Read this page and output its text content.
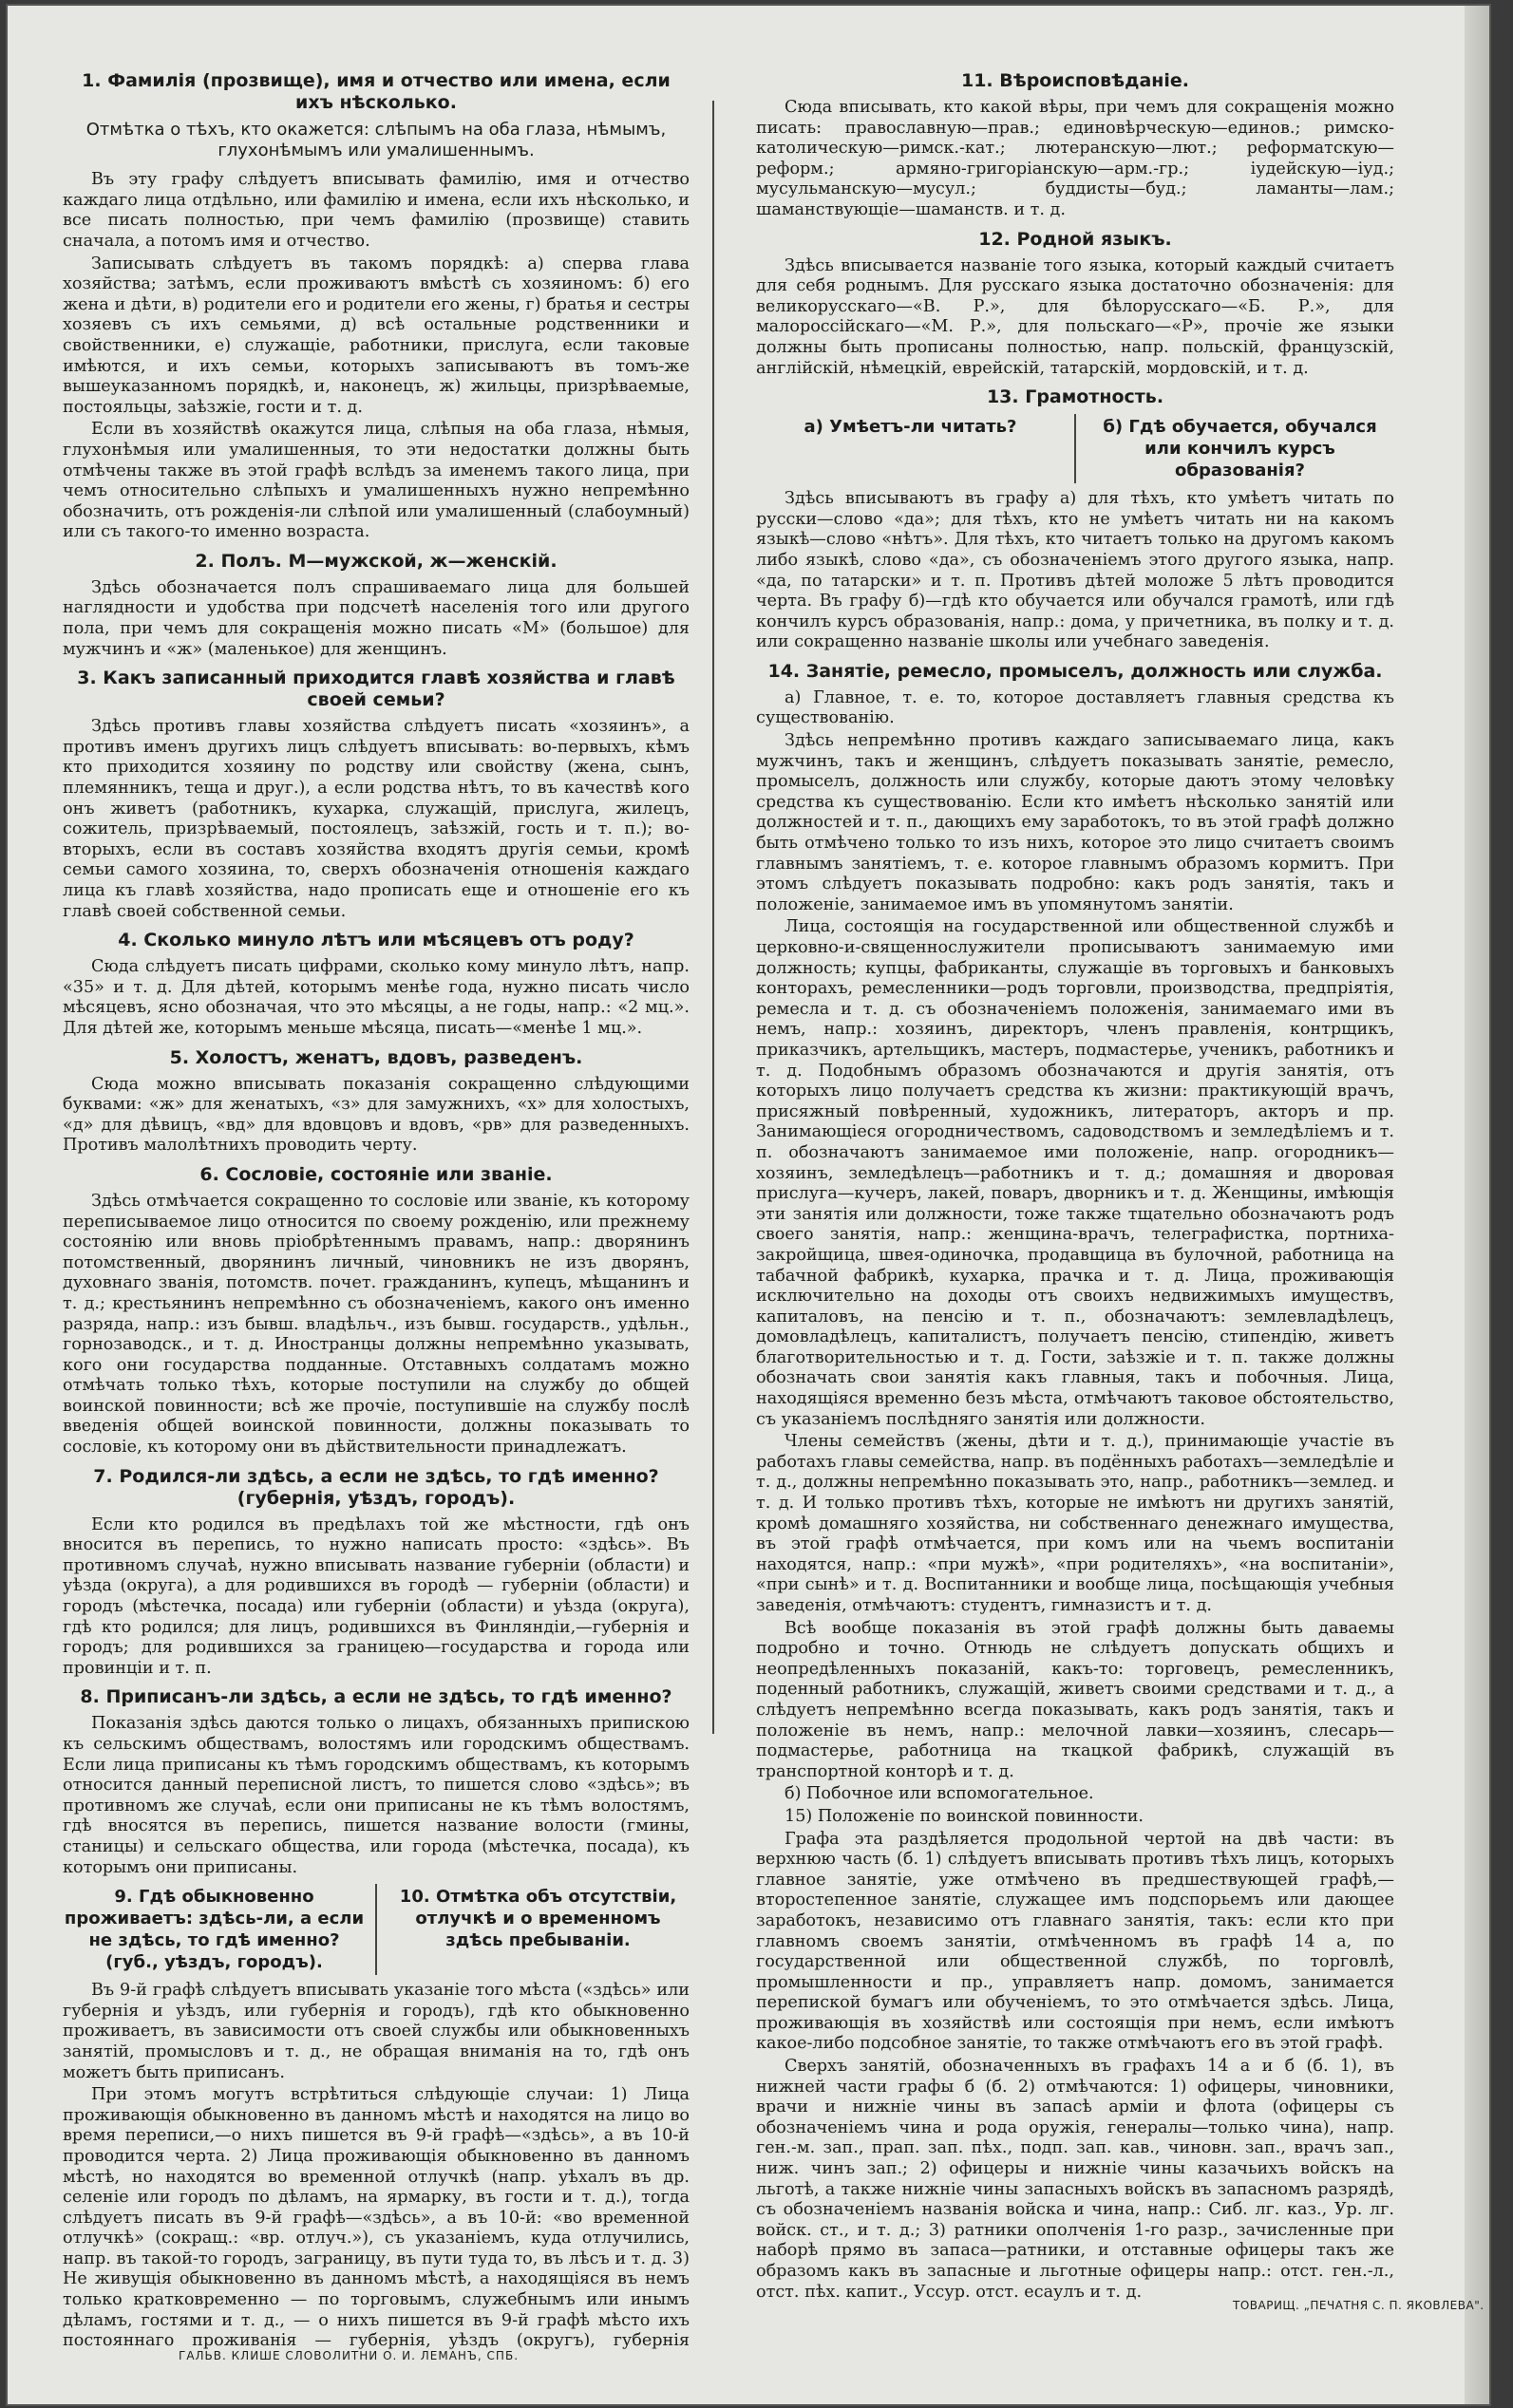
1. Фамилія (прозвище), имя и отчество или имена, если ихъ нѣсколько.
Отмѣтка о тѣхъ, кто окажется: слѣпымъ на оба глаза, нѣмымъ, глухонѣмымъ или умалишеннымъ.

Въ эту графу слѣдуетъ вписывать фамилію, имя и отчество каждаго лица отдѣльно, или фамилію и имена, если ихъ нѣсколько, и все писать полностью, при чемъ фамилію (прозвище) ставить сначала, а потомъ имя и отчество.

Записывать слѣдуетъ въ такомъ порядкѣ: а) сперва глава хозяйства; затѣмъ, если проживаютъ вмѣстѣ съ хозяиномъ: б) его жена и дѣти, в) родители его и родители его жены, г) братья и сестры хозяевъ съ ихъ семьями, д) всѣ остальные родственники и свойственники, е) служащіе, работники, прислуга, если таковые имѣются, и ихъ семьи, которыхъ записываютъ въ томъ-же вышеуказанномъ порядкѣ, и, наконецъ, ж) жильцы, призрѣваемые, постояльцы, заѣзжіе, гости и т. д.

Если въ хозяйствѣ окажутся лица, слѣпыя на оба глаза, нѣмыя, глухонѣмыя или умалишенныя, то эти недостатки должны быть отмѣчены также въ этой графѣ вслѣдъ за именемъ такого лица, при чемъ относительно слѣпыхъ и умалишенныхъ нужно непремѣнно обозначить, отъ рожденія-ли слѣпой или умалишенный (слабоумный) или съ такого-то именно возраста.

2. Полъ. М—мужской, ж—женскій.

Здѣсь обозначается полъ спрашиваемаго лица для большей наглядности и удобства при подсчетѣ населенія того или другого пола, при чемъ для сокращенія можно писать «М» (большое) для мужчинъ и «ж» (маленькое) для женщинъ.

3. Какъ записанный приходится главѣ хозяйства и главѣ своей семьи?

Здѣсь противъ главы хозяйства слѣдуетъ писать «хозяинъ», а противъ именъ другихъ лицъ слѣдуетъ вписывать: во-первыхъ, кѣмъ кто приходится хозяину по родству или свойству (жена, сынъ, племянникъ, теща и друг.), а если родства нѣтъ, то въ качествѣ кого онъ живетъ (работникъ, кухарка, служащій, прислуга, жилецъ, сожитель, призрѣваемый, постоялецъ, заѣзжій, гость и т. п.); во-вторыхъ, если въ составъ хозяйства входятъ другія семьи, кромѣ семьи самого хозяина, то, сверхъ обозначенія отношенія каждаго лица къ главѣ хозяйства, надо прописать еще и отношеніе его къ главѣ своей собственной семьи.

4. Сколько минуло лѣтъ или мѣсяцевъ отъ роду?

Сюда слѣдуетъ писать цифрами, сколько кому минуло лѣтъ, напр. «35» и т. д. Для дѣтей, которымъ менѣе года, нужно писать число мѣсяцевъ, ясно обозначая, что это мѣсяцы, а не годы, напр.: «2 мц.». Для дѣтей же, которымъ меньше мѣсяца, писать—«менѣе 1 мц.».

5. Холостъ, женатъ, вдовъ, разведенъ.

Сюда можно вписывать показанія сокращенно слѣдующими буквами: «ж» для женатыхъ, «з» для замужнихъ, «х» для холостыхъ, «д» для дѣвицъ, «вд» для вдовцовъ и вдовъ, «рв» для разведенныхъ. Противъ малолѣтнихъ проводить черту.

6. Сословіе, состояніе или званіе.

Здѣсь отмѣчается сокращенно то сословіе или званіе, къ которому переписываемое лицо относится по своему рожденію, или прежнему состоянію или вновь пріобрѣтеннымъ правамъ, напр.: дворянинъ потомственный, дворянинъ личный, чиновникъ не изъ дворянъ, духовнаго званія, потомств. почет. гражданинъ, купецъ, мѣщанинъ и т. д.; крестьянинъ непремѣнно съ обозначеніемъ, какого онъ именно разряда, напр.: изъ бывш. владѣльч., изъ бывш. государств., удѣльн., горнозаводск., и т. д. Иностранцы должны непремѣнно указывать, кого они государства подданные. Отставныхъ солдатамъ можно отмѣчать только тѣхъ, которые поступили на службу до общей воинской повинности; всѣ же прочіе, поступившіе на службу послѣ введенія общей воинской повинности, должны показывать то сословіе, къ которому они въ дѣйствительности принадлежатъ.

7. Родился-ли здѣсь, а если не здѣсь, то гдѣ именно? (губернія, уѣздъ, городъ).

Если кто родился въ предѣлахъ той же мѣстности, гдѣ онъ вносится въ перепись, то нужно написать просто: «здѣсь». Въ противномъ случаѣ, нужно вписывать название губерніи (области) и уѣзда (округа), а для родившихся въ городѣ — губерніи (области) и городъ (мѣстечка, посада) или губерніи (области) и уѣзда (округа), гдѣ кто родился; для лицъ, родившихся въ Финляндіи,—губернія и городъ; для родившихся за границею—государства и города или провинціи и т. п.

8. Приписанъ-ли здѣсь, а если не здѣсь, то гдѣ именно?

Показанія здѣсь даются только о лицахъ, обязанныхъ припискою къ сельскимъ обществамъ, волостямъ или городскимъ обществамъ. Если лица приписаны къ тѣмъ городскимъ обществамъ, къ которымъ относится данный переписной листъ, то пишется слово «здѣсь»; въ противномъ же случаѣ, если они приписаны не къ тѣмъ волостямъ, гдѣ вносятся въ перепись, пишется название волости (гмины, станицы) и сельскаго общества, или города (мѣстечка, посада), къ которымъ они приписаны.

9. Гдѣ обыкновенно проживаетъ: здѣсь-ли, а если не здѣсь, то гдѣ именно? (губ., уѣздъ, городъ).
10. Отмѣтка объ отсутствіи, отлучкѣ и о временномъ здѣсь пребываніи.

Въ 9-й графѣ слѣдуетъ вписывать указаніе того мѣста («здѣсь» или губернія и уѣздъ, или губернія и городъ), гдѣ кто обыкновенно проживаетъ, въ зависимости отъ своей службы или обыкновенныхъ занятій, промысловъ и т. д., не обращая вниманія на то, гдѣ онъ можетъ быть приписанъ.

При этомъ могутъ встрѣтиться слѣдующіе случаи: 1) Лица проживающія обыкновенно въ данномъ мѣстѣ и находятся на лицо во время переписи,—о нихъ пишется въ 9-й графѣ—«здѣсь», а въ 10-й проводится черта. 2) Лица проживающія обыкновенно въ данномъ мѣстѣ, но находятся во временной отлучкѣ (напр. уѣхалъ въ др. селеніе или городъ по дѣламъ, на ярмарку, въ гости и т. д.), тогда слѣдуетъ писать въ 9-й графѣ—«здѣсь», а въ 10-й: «во временной отлучкѣ» (сокращ.: «вр. отлуч.»), съ указаніемъ, куда отлучились, напр. въ такой-то городъ, заграницу, въ пути туда то, въ лѣсъ и т. д. 3) Не живущія обыкновенно въ данномъ мѣстѣ, а находящіяся въ немъ только кратковременно — по торговымъ, служебнымъ или инымъ дѣламъ, гостями и т. д., — о нихъ пишется въ 9-й графѣ мѣсто ихъ постояннаго проживанія — губернія, уѣздъ (округъ), губернія

11. Вѣроисповѣданіе.

Сюда вписывать, кто какой вѣры, при чемъ для сокращенія можно писать: православную—прав.; единовѣрческую—единов.; римско-католическую—римск.-кат.; лютеранскую—лют.; реформатскую—реформ.; армяно-григоріанскую—арм.-гр.; іудейскую—іуд.; мусульманскую—мусул.; буддисты—буд.; ламанты—лам.; шаманствующіе—шаманств. и т. д.

12. Родной языкъ.

Здѣсь вписывается названіе того языка, который каждый считаетъ для себя роднымъ. Для русскаго языка достаточно обозначенія: для великорусскаго—«В. Р.», для бѣлорусскаго—«Б. Р.», для малороссійскаго—«М. Р.», для польскаго—«Р», прочіе же языки должны быть прописаны полностью, напр. польскій, французскій, англійскій, нѣмецкій, еврейскій, татарскій, мордовскій, и т. д.

13. Грамотность.
а) Умѣетъ-ли читать?	б) Гдѣ обучается, обучался или кончилъ курсъ образованія?

Здѣсь вписываютъ въ графу а) для тѣхъ, кто умѣетъ читать по русски—слово «да»; для тѣхъ, кто не умѣетъ читать ни на какомъ языкѣ—слово «нѣтъ». Для тѣхъ, кто читаетъ только на другомъ какомъ либо языкѣ, слово «да», съ обозначеніемъ этого другого языка, напр. «да, по татарски» и т. п. Противъ дѣтей моложе 5 лѣтъ проводится черта. Въ графу б)—гдѣ кто обучается или обучался грамотѣ, или гдѣ кончилъ курсъ образованія, напр.: дома, у причетника, въ полку и т. д. или сокращенно названіе школы или учебнаго заведенія.

14. Занятіе, ремесло, промыселъ, должность или служба.

а) Главное, т. е. то, которое доставляетъ главныя средства къ существованію.

Здѣсь непремѣнно противъ каждаго записываемаго лица, какъ мужчинъ, такъ и женщинъ, слѣдуетъ показывать занятіе, ремесло, промыселъ, должность или службу, которые даютъ этому человѣку средства къ существованію. Если кто имѣетъ нѣсколько занятій или должностей и т. п., дающихъ ему заработокъ, то въ этой графѣ должно быть отмѣчено только то изъ нихъ, которое это лицо считаетъ своимъ главнымъ занятіемъ, т. е. которое главнымъ образомъ кормитъ. При этомъ слѣдуетъ показывать подробно: какъ родъ занятія, такъ и положеніе, занимаемое имъ въ упомянутомъ занятіи.

Лица, состоящія на государственной или общественной службѣ и церковно-и-священнослужители прописываютъ занимаемую ими должность; купцы, фабриканты, служащіе въ торговыхъ и банковыхъ конторахъ, ремесленники—родъ торговли, производства, предпріятія, ремесла и т. д. съ обозначеніемъ положенія, занимаемаго ими въ немъ, напр.: хозяинъ, директоръ, членъ правленія, контрщикъ, приказчикъ, артельщикъ, мастеръ, подмастерье, ученикъ, работникъ и т. д. Подобнымъ образомъ обозначаются и другія занятія, отъ которыхъ лицо получаетъ средства къ жизни: практикующій врачъ, присяжный повѣренный, художникъ, литераторъ, акторъ и пр. Занимающіеся огородничествомъ, садоводствомъ и земледѣліемъ и т. п. обозначаютъ занимаемое ими положеніе, напр. огородникъ—хозяинъ, земледѣлецъ—работникъ и т. д.; домашняя и дворовая прислуга—кучеръ, лакей, поваръ, дворникъ и т. д. Женщины, имѣющія эти занятія или должности, тоже также тщательно обозначаютъ родъ своего занятія, напр.: женщина-врачъ, телеграфистка, портниха-закройщица, швея-одиночка, продавщица въ булочной, работница на табачной фабрикѣ, кухарка, прачка и т. д. Лица, проживающія исключительно на доходы отъ своихъ недвижимыхъ имуществъ, капиталовъ, на пенсію и т. п., обозначаютъ: землевладѣлецъ, домовладѣлецъ, капиталистъ, получаетъ пенсію, стипендію, живетъ благотворительностью и т. д. Гости, заѣзжіе и т. п. также должны обозначать свои занятія какъ главныя, такъ и побочныя. Лица, находящіяся временно безъ мѣста, отмѣчаютъ таковое обстоятельство, съ указаніемъ послѣдняго занятія или должности.

Члены семействъ (жены, дѣти и т. д.), принимающіе участіе въ работахъ главы семейства, напр. въ подённыхъ работахъ—земледѣліе и т. д., должны непремѣнно показывать это, напр., работникъ—землед. и т. д. И только противъ тѣхъ, которые не имѣютъ ни другихъ занятій, кромѣ домашняго хозяйства, ни собственнаго денежнаго имущества, въ этой графѣ отмѣчается, при комъ или на чьемъ воспитаніи находятся, напр.: «при мужѣ», «при родителяхъ», «на воспитаніи», «при сынѣ» и т. д. Воспитанники и вообще лица, посѣщающія учебныя заведенія, отмѣчаютъ: студентъ, гимназистъ и т. д.

Всѣ вообще показанія въ этой графѣ должны быть даваемы подробно и точно. Отнюдь не слѣдуетъ допускать общихъ и неопредѣленныхъ показаній, какъ-то: торговецъ, ремесленникъ, поденный работникъ, служащій, живетъ своими средствами и т. д., а слѣдуетъ непремѣнно всегда показывать, какъ родъ занятія, такъ и положеніе въ немъ, напр.: мелочной лавки—хозяинъ, слесарь—подмастерье, работница на ткацкой фабрикѣ, служащій въ транспортной конторѣ и т. д.

б) Побочное или вспомогательное.

15) Положеніе по воинской повинности.

Графа эта раздѣляется продольной чертой на двѣ части: въ верхнюю часть (б. 1) слѣдуетъ вписывать противъ тѣхъ лицъ, которыхъ главное занятіе, уже отмѣчено въ предшествующей графѣ,—второстепенное занятіе, служащее имъ подспорьемъ или дающее заработокъ, независимо отъ главнаго занятія, такъ: если кто при главномъ своемъ занятіи, отмѣченномъ въ графѣ 14 а, по государственной или общественной службѣ, по торговлѣ, промышленности и пр., управляетъ напр. домомъ, занимается перепиской бумагъ или обученіемъ, то это отмѣчается здѣсь. Лица, проживающія въ хозяйствѣ или состоящія при немъ, если имѣютъ какое-либо подсобное занятіе, то также отмѣчаютъ его въ этой графѣ.

Сверхъ занятій, обозначенныхъ въ графахъ 14 а и б (б. 1), въ нижней части графы б (б. 2) отмѣчаются: 1) офицеры, чиновники, врачи и нижніе чины въ запасѣ арміи и флота (офицеры съ обозначеніемъ чина и рода оружія, генералы—только чина), напр. ген.-м. зап., прап. зап. пѣх., подп. зап. кав., чиновн. зап., врачъ зап., ниж. чинъ зап.; 2) офицеры и нижніе чины казачьихъ войскъ на льготѣ, а также нижніе чины запасныхъ войскъ въ запасномъ разрядѣ, съ обозначеніемъ названія войска и чина, напр.: Сиб. лг. каз., Ур. лг. войск. ст., и т. д.; 3) ратники ополченія 1-го разр., зачисленные при наборѣ прямо въ запаса—ратники, и отставные офицеры такъ же образомъ какъ въ запасные и льготные офицеры напр.: отст. ген.-л., отст. пѣх. капит., Уссур. отст. есаулъ и т. д.

ТОВАРИЩ. „ПЕЧАТНЯ С. П. ЯКОВЛЕВА".
ГАЛЬВ. КЛИШЕ СЛОВОЛИТНИ О. И. ЛЕМАНЪ, СПБ.
